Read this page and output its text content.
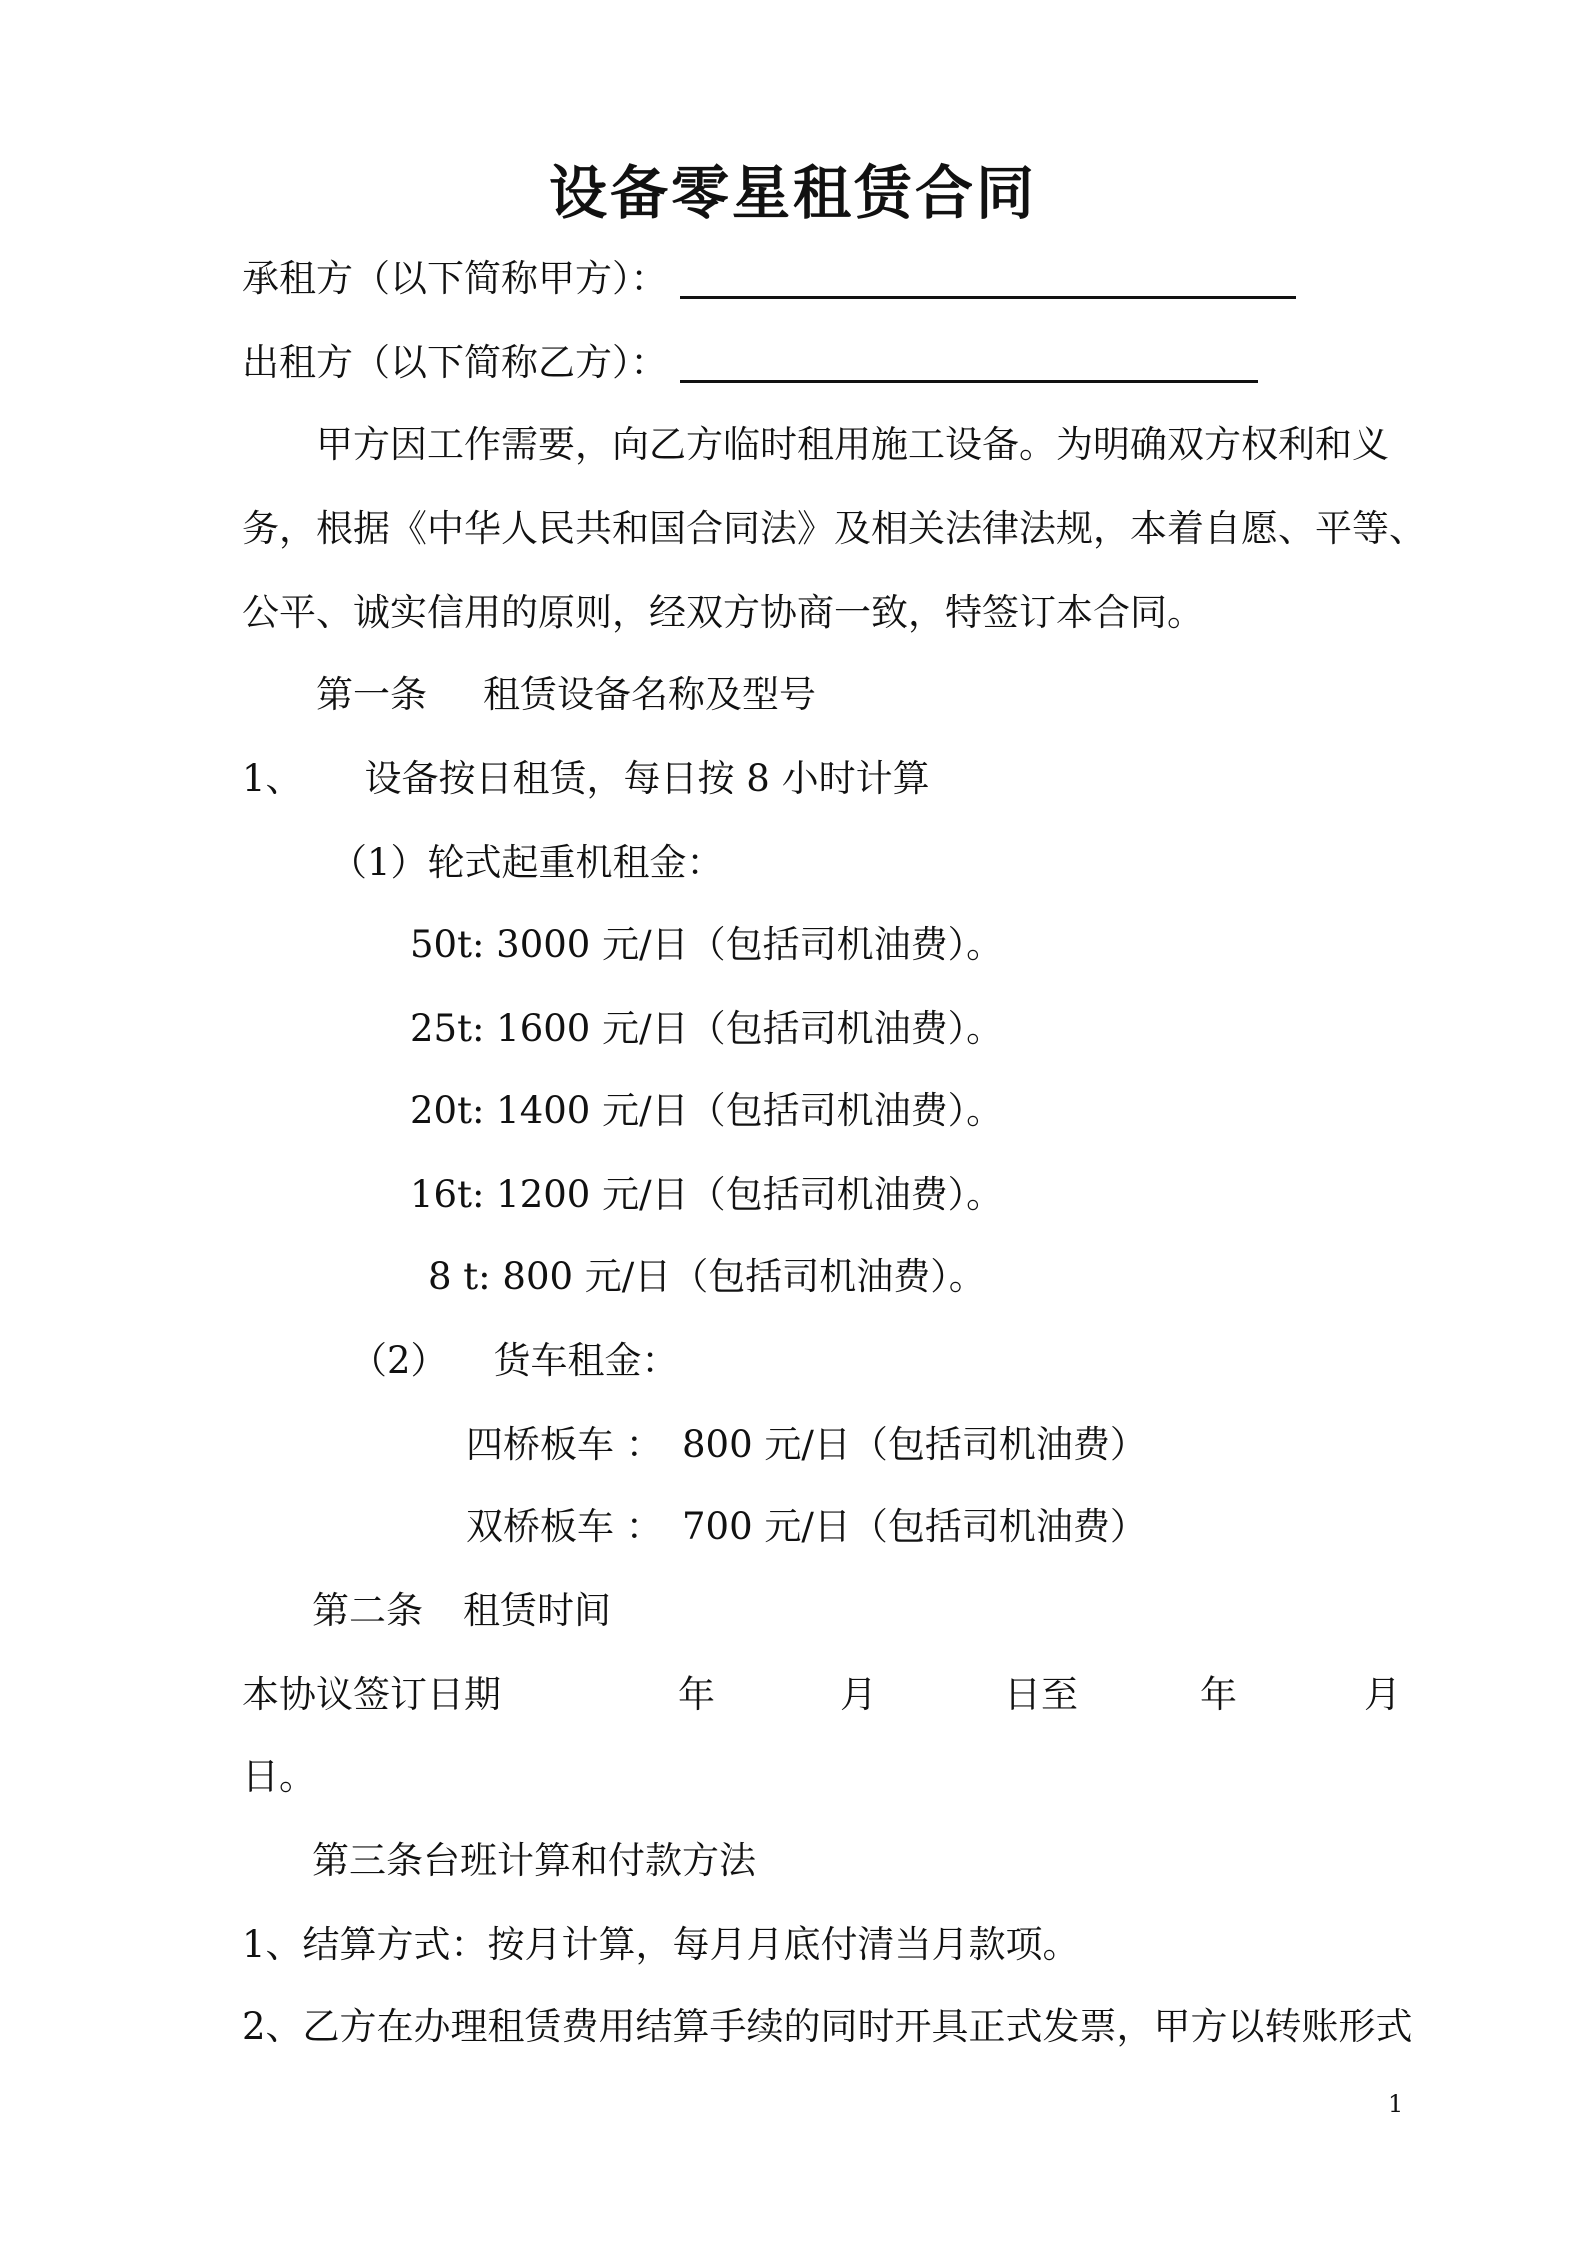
设备零星租赁合同
承租方（以下简称甲方）：
出租方（以下简称乙方）：
甲方因工作需要，向乙方临时租用施工设备。为明确双方权利和义
务，根据《中华人民共和国合同法》及相关法律法规，本着自愿、平等、
公平、诚实信用的原则，经双方协商一致，特签订本合同。
第一条 租赁设备名称及型号
1、 设备按日租赁，每日按 8 小时计算
（1）轮式起重机租金：
50t: 3000 元/日（包括司机油费）。
25t: 1600 元/日（包括司机油费）。
20t: 1400 元/日（包括司机油费）。
16t: 1200 元/日（包括司机油费）。
8 t: 800 元/日（包括司机油费）。
（2） 货车租金：
四桥板车 ： 800 元/日（包括司机油费）
双桥板车 ： 700 元/日（包括司机油费）
第二条 租赁时间
本协议签订日期	年	月	日至	年	月
日。
第三条台班计算和付款方法
1、结算方式：按月计算，每月月底付清当月款项。
2、乙方在办理租赁费用结算手续的同时开具正式发票，甲方以转账形式
1
